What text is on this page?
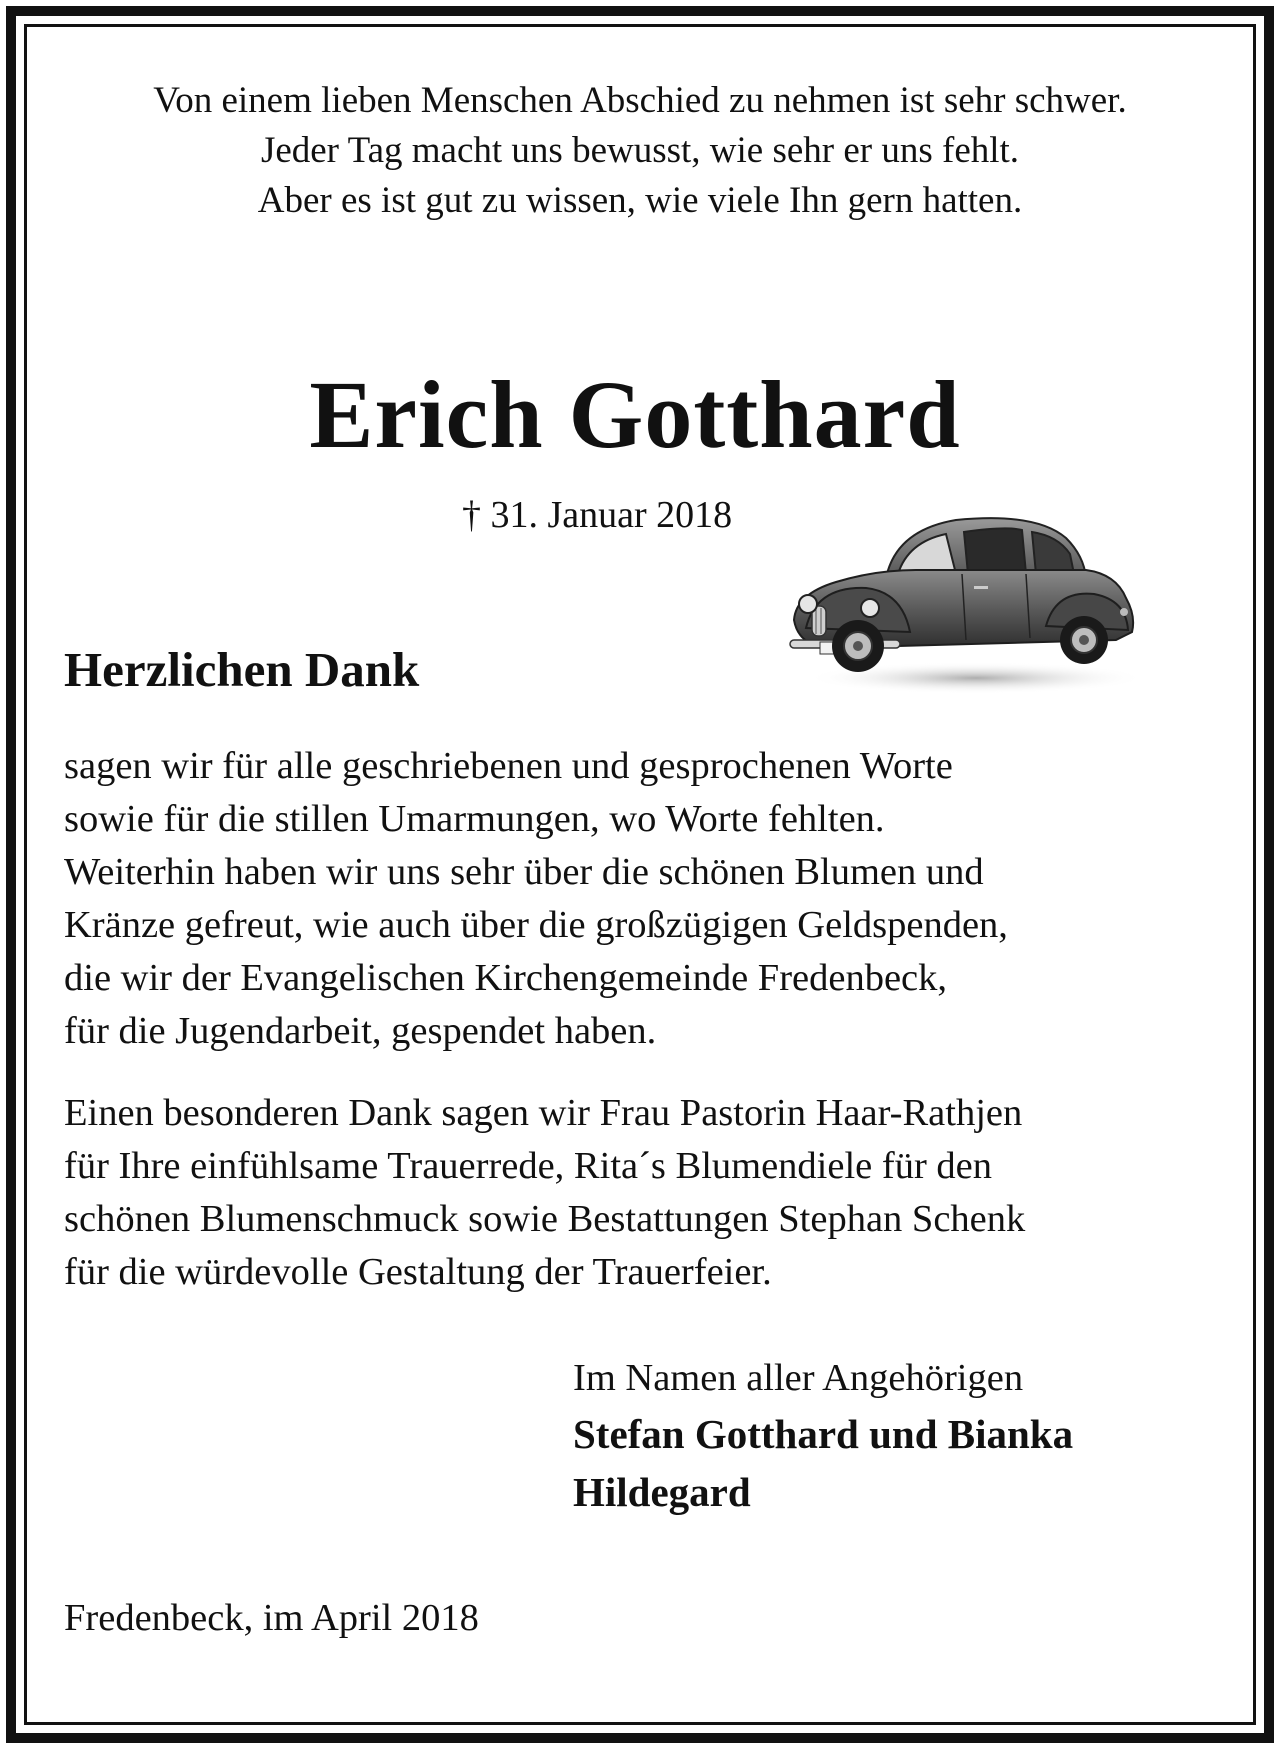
Von einem lieben Menschen Abschied zu nehmen ist sehr schwer.
Jeder Tag macht uns bewusst, wie sehr er uns fehlt.
Aber es ist gut zu wissen, wie viele Ihn gern hatten.

Erich Gotthard
† 31. Januar 2018
Herzlichen Dank

sagen wir für alle geschriebenen und gesprochenen Worte
sowie für die stillen Umarmungen, wo Worte fehlten.
Weiterhin haben wir uns sehr über die schönen Blumen und
Kränze gefreut, wie auch über die großzügigen Geldspenden,
die wir der Evangelischen Kirchengemeinde Fredenbeck,
für die Jugendarbeit, gespendet haben.

Einen besonderen Dank sagen wir Frau Pastorin Haar-Rathjen
für Ihre einfühlsame Trauerrede, Rita´s Blumendiele für den
schönen Blumenschmuck sowie Bestattungen Stephan Schenk
für die würdevolle Gestaltung der Trauerfeier.

Im Namen aller Angehörigen
Stefan Gotthard und Bianka
Hildegard
Fredenbeck, im April 2018
